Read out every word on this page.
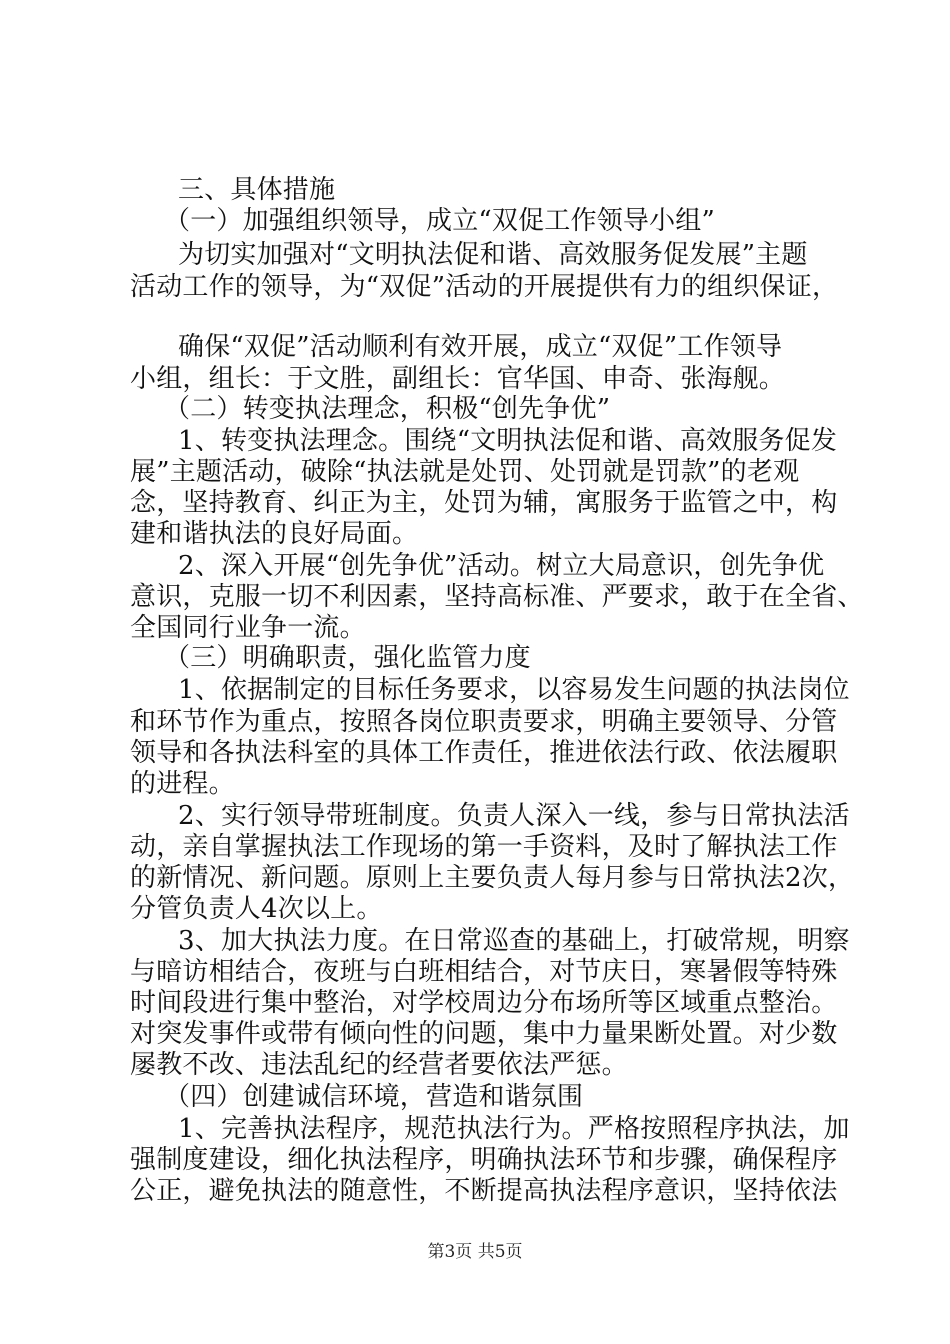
三、具体措施
（一）加强组织领导，成立“双促工作领导小组”
为切实加强对“文明执法促和谐、高效服务促发展”主题
活动工作的领导，为“双促”活动的开展提供有力的组织保证，
确保“双促”活动顺利有效开展，成立“双促”工作领导
小组，组长：于文胜，副组长：官华国、申奇、张海舰。
（二）转变执法理念，积极“创先争优”
1、转变执法理念。围绕“文明执法促和谐、高效服务促发
展”主题活动，破除“执法就是处罚、处罚就是罚款”的老观
念，坚持教育、纠正为主，处罚为辅，寓服务于监管之中，构
建和谐执法的良好局面。
2、深入开展“创先争优”活动。树立大局意识，创先争优
意识，克服一切不利因素，坚持高标准、严要求，敢于在全省、
全国同行业争一流。
（三）明确职责，强化监管力度
1、依据制定的目标任务要求，以容易发生问题的执法岗位
和环节作为重点，按照各岗位职责要求，明确主要领导、分管
领导和各执法科室的具体工作责任，推进依法行政、依法履职
的进程。
2、实行领导带班制度。负责人深入一线，参与日常执法活
动，亲自掌握执法工作现场的第一手资料，及时了解执法工作
的新情况、新问题。原则上主要负责人每月参与日常执法2次，
分管负责人4次以上。
3、加大执法力度。在日常巡查的基础上，打破常规，明察
与暗访相结合，夜班与白班相结合，对节庆日，寒暑假等特殊
时间段进行集中整治，对学校周边分布场所等区域重点整治。
对突发事件或带有倾向性的问题，集中力量果断处置。对少数
屡教不改、违法乱纪的经营者要依法严惩。
（四）创建诚信环境，营造和谐氛围
1、完善执法程序，规范执法行为。严格按照程序执法，加
强制度建设，细化执法程序，明确执法环节和步骤，确保程序
公正，避免执法的随意性，不断提高执法程序意识，坚持依法
第3页 共5页
